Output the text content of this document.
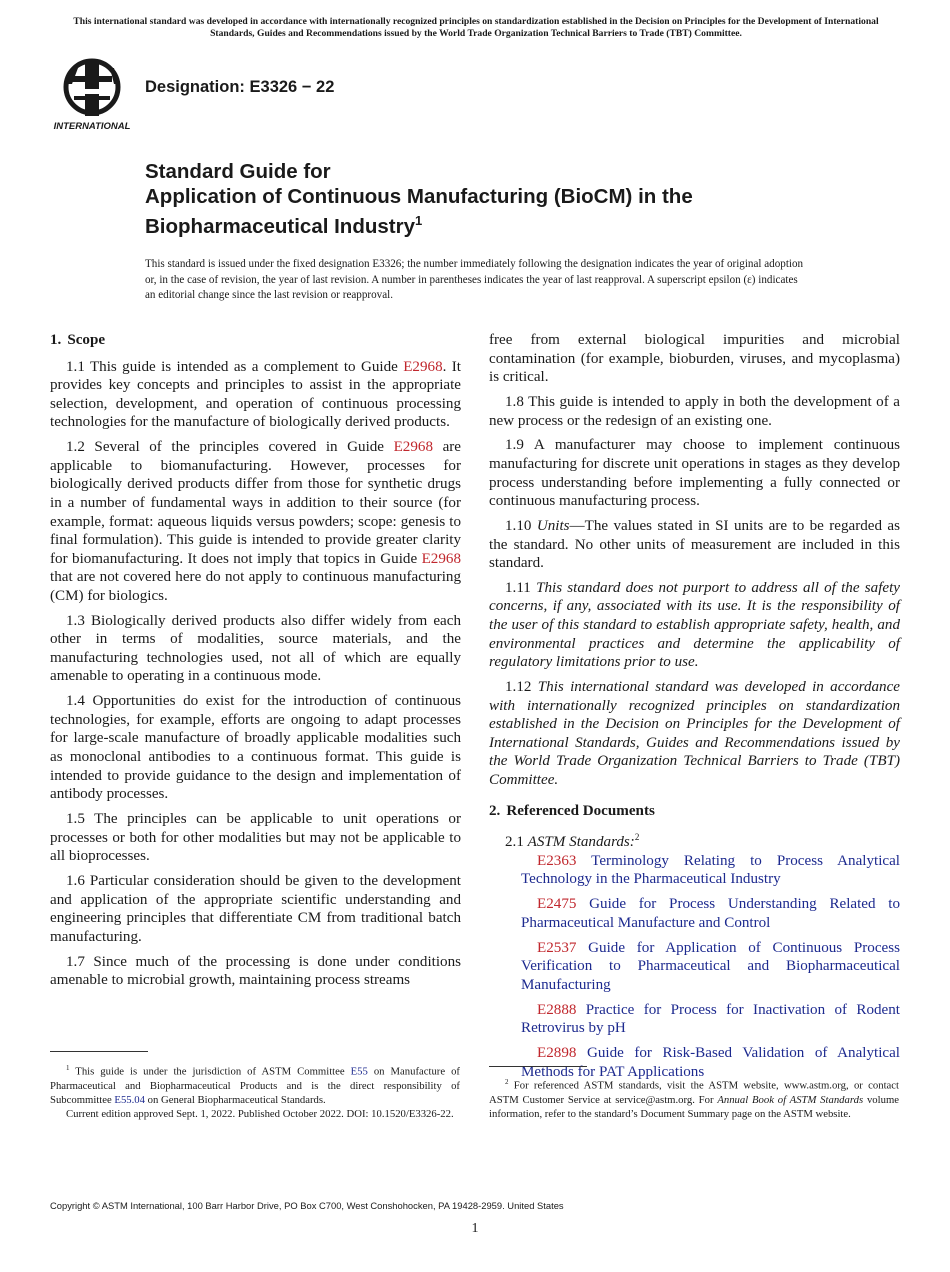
This international standard was developed in accordance with internationally recognized principles on standardization established in the Decision on Principles for the Development of International Standards, Guides and Recommendations issued by the World Trade Organization Technical Barriers to Trade (TBT) Committee.
INTERNATIONAL
Designation: E3326 − 22
Standard Guide for
Application of Continuous Manufacturing (BioCM) in the
Biopharmaceutical Industry$^1$
This standard is issued under the fixed designation E3326; the number immediately following the designation indicates the year of original adoption or, in the case of revision, the year of last revision. A number in parentheses indicates the year of last reapproval. A superscript epsilon (ε) indicates an editorial change since the last revision or reapproval.
1. Scope

1.1 This guide is intended as a complement to Guide E2968. It provides key concepts and principles to assist in the appropriate selection, development, and operation of continuous processing technologies for the manufacture of biologically derived products.

1.2 Several of the principles covered in Guide E2968 are applicable to biomanufacturing. However, processes for biologically derived products differ from those for synthetic drugs in a number of fundamental ways in addition to their source (for example, format: aqueous liquids versus powders; scope: genesis to final formulation). This guide is intended to provide greater clarity for biomanufacturing. It does not imply that topics in Guide E2968 that are not covered here do not apply to continuous manufacturing (CM) for biologics.

1.3 Biologically derived products also differ widely from each other in terms of modalities, source materials, and the manufacturing technologies used, not all of which are equally amenable to operating in a continuous mode.

1.4 Opportunities do exist for the introduction of continuous technologies, for example, efforts are ongoing to adapt processes for large-scale manufacture of broadly applicable modalities such as monoclonal antibodies to a continuous format. This guide is intended to provide guidance to the design and implementation of antibody processes.

1.5 The principles can be applicable to unit operations or processes or both for other modalities but may not be applicable to all bioprocesses.

1.6 Particular consideration should be given to the development and application of the appropriate scientific understanding and engineering principles that differentiate CM from traditional batch manufacturing.

1.7 Since much of the processing is done under conditions amenable to microbial growth, maintaining process streams

free from external biological impurities and microbial contamination (for example, bioburden, viruses, and mycoplasma) is critical.

1.8 This guide is intended to apply in both the development of a new process or the redesign of an existing one.

1.9 A manufacturer may choose to implement continuous manufacturing for discrete unit operations in stages as they develop process understanding before implementing a fully connected or continuous manufacturing process.

1.10 Units—The values stated in SI units are to be regarded as the standard. No other units of measurement are included in this standard.

1.11 This standard does not purport to address all of the safety concerns, if any, associated with its use. It is the responsibility of the user of this standard to establish appropriate safety, health, and environmental practices and determine the applicability of regulatory limitations prior to use.

1.12 This international standard was developed in accordance with internationally recognized principles on standardization established in the Decision on Principles for the Development of International Standards, Guides and Recommendations issued by the World Trade Organization Technical Barriers to Trade (TBT) Committee.

2. Referenced Documents

2.1 ASTM Standards:$^2$

E2363 Terminology Relating to Process Analytical Technology in the Pharmaceutical Industry

E2475 Guide for Process Understanding Related to Pharmaceutical Manufacture and Control

E2537 Guide for Application of Continuous Process Verification to Pharmaceutical and Biopharmaceutical Manufacturing

E2888 Practice for Process for Inactivation of Rodent Retrovirus by pH

E2898 Guide for Risk-Based Validation of Analytical Methods for PAT Applications

$^1$ This guide is under the jurisdiction of ASTM Committee E55 on Manufacture of Pharmaceutical and Biopharmaceutical Products and is the direct responsibility of Subcommittee E55.04 on General Biopharmaceutical Standards.

Current edition approved Sept. 1, 2022. Published October 2022. DOI: 10.1520/E3326-22.

$^2$ For referenced ASTM standards, visit the ASTM website, www.astm.org, or contact ASTM Customer Service at service@astm.org. For Annual Book of ASTM Standards volume information, refer to the standard’s Document Summary page on the ASTM website.

Copyright © ASTM International, 100 Barr Harbor Drive, PO Box C700, West Conshohocken, PA 19428-2959. United States
1
